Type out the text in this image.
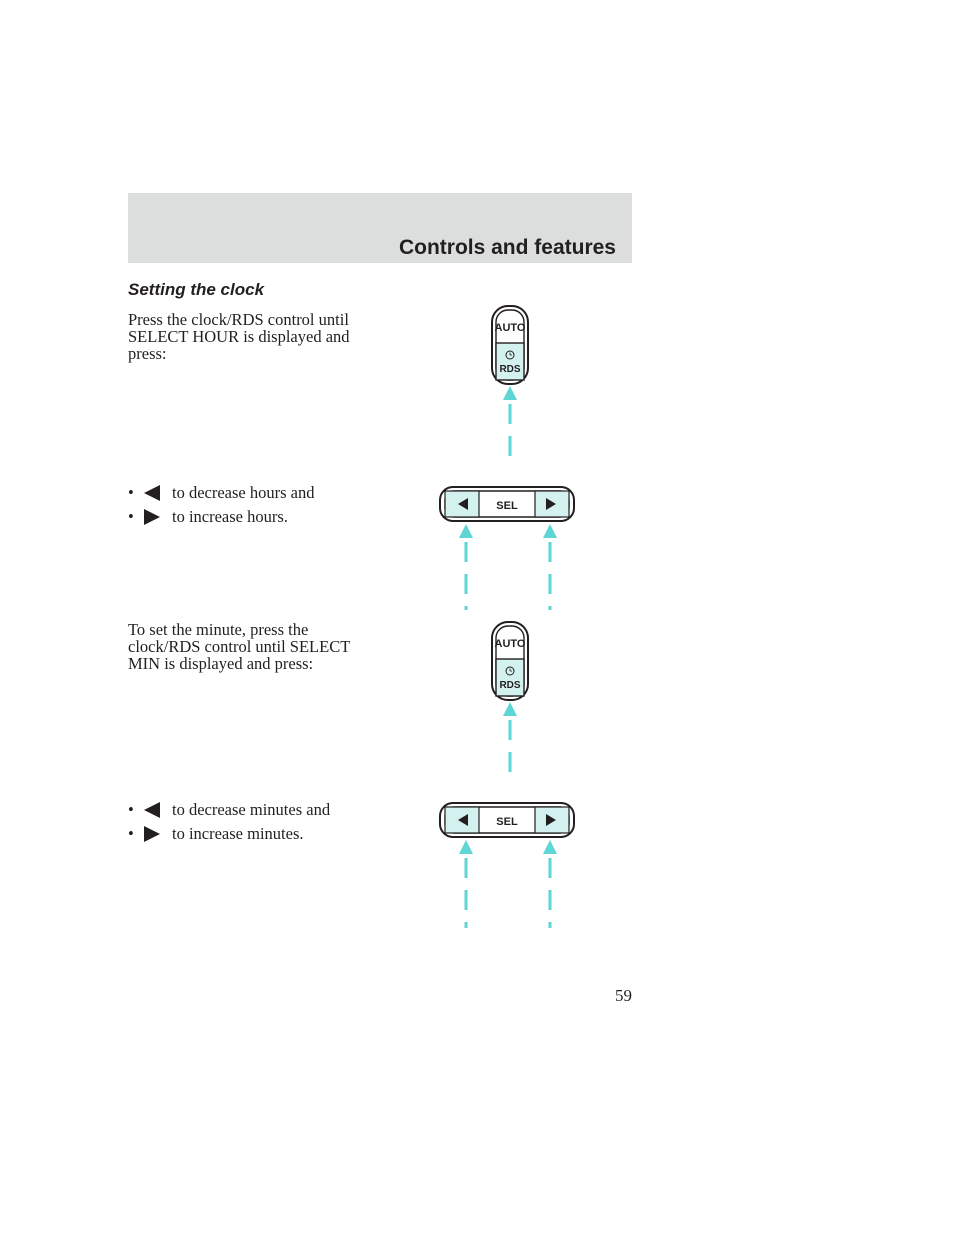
Controls and features
Setting the clock
Press the clock/RDS control until SELECT HOUR is displayed and press:
•	to decrease hours and
•	to increase hours.
To set the minute, press the clock/RDS control until SELECT MIN is displayed and press:
•	to decrease minutes and
•	to increase minutes.
AUTO
RDS
SEL
AUTO
RDS
SEL
59
